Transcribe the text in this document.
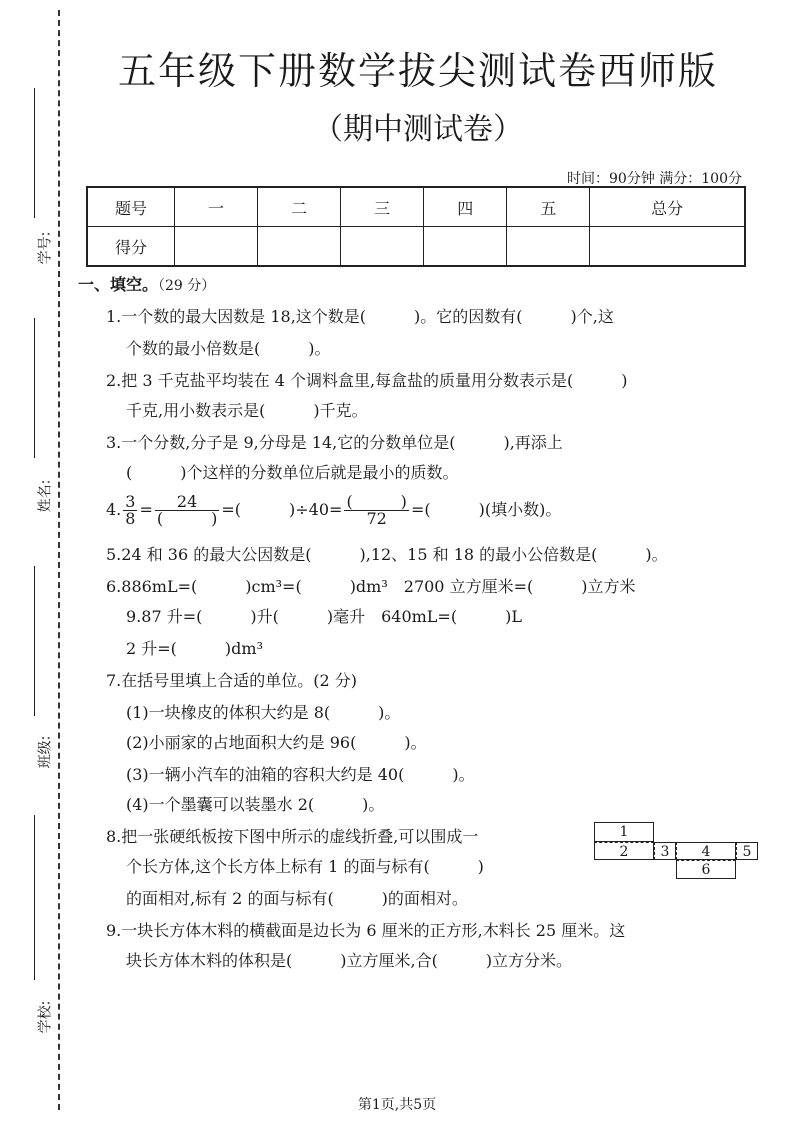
学号:
姓名:
班级:
学校:
五年级下册数学拔尖测试卷西师版
（期中测试卷）
时间：90分钟 满分：100分
题号	一	二	三	四	五	总分
得分						
一、填空。（29 分）
1.一个数的最大因数是 18,这个数是(　　　)。它的因数有(　　　)个,这
个数的最小倍数是(　　　)。
2.把 3 千克盐平均装在 4 个调料盒里,每盒盐的质量用分数表示是(　　　)
千克,用小数表示是(　　　)千克。
3.一个分数,分子是 9,分母是 14,它的分数单位是(　　　),再添上
(　　　)个这样的分数单位后就是最小的质数。
4. $\frac{3}{8} = \frac{24}{( )}$ =(　　　)$\div 40= \frac{( )}{72}$ =(　　　)(填小数)。
5.24 和 36 的最大公因数是(　　　),12、15 和 18 的最小公倍数是(　　　)。
6.886mL=(　　　)cm³=(　　　)dm³　2700 立方厘米=(　　　)立方米
9.87 升=(　　　)升(　　　)毫升　640mL=(　　　)L
2 升=(　　　)dm³
7.在括号里填上合适的单位。(2 分)
(1)一块橡皮的体积大约是 8(　　　)。
(2)小丽家的占地面积大约是 96(　　　)。
(3)一辆小汽车的油箱的容积大约是 40(　　　)。
(4)一个墨囊可以装墨水 2(　　　)。
8.把一张硬纸板按下图中所示的虚线折叠,可以围成一
个长方体,这个长方体上标有 1 的面与标有(　　　)
的面相对,标有 2 的面与标有(　　　)的面相对。
1
2	3	4	5
6
9.一块长方体木料的横截面是边长为 6 厘米的正方形,木料长 25 厘米。这
块长方体木料的体积是(　　　)立方厘米,合(　　　)立方分米。
第1页,共5页
